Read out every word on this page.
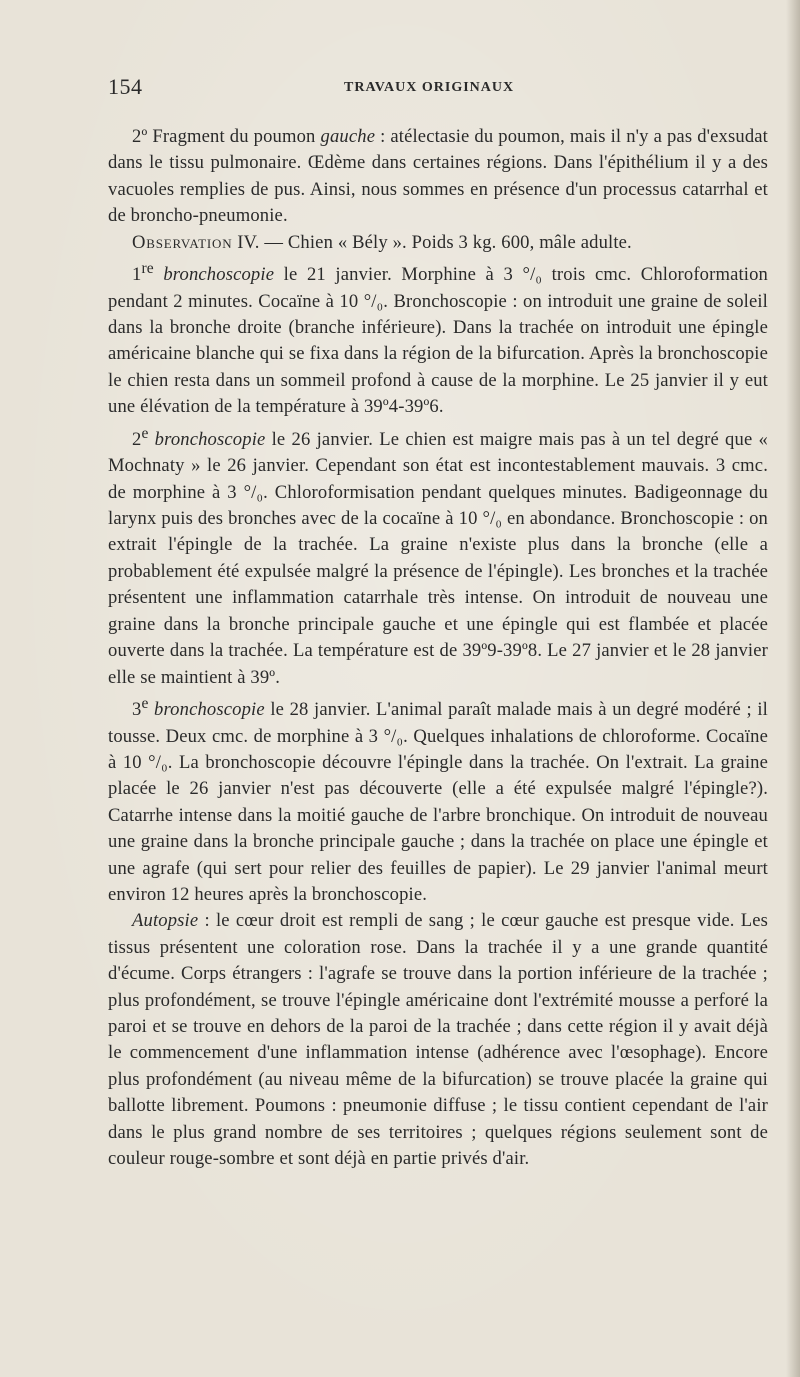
154	TRAVAUX ORIGINAUX

2º Fragment du poumon gauche : atélectasie du poumon, mais il n'y a pas d'exsudat dans le tissu pulmonaire. Œdème dans certaines régions. Dans l'épithélium il y a des vacuoles remplies de pus. Ainsi, nous sommes en présence d'un processus catarrhal et de broncho-pneumonie.

Observation IV. — Chien « Bély ». Poids 3 kg. 600, mâle adulte.

1re bronchoscopie le 21 janvier. Morphine à 3 °/₀ trois cmc. Chloroformation pendant 2 minutes. Cocaïne à 10 °/₀. Bronchoscopie : on introduit une graine de soleil dans la bronche droite (branche inférieure). Dans la trachée on introduit une épingle américaine blanche qui se fixa dans la région de la bifurcation. Après la bronchoscopie le chien resta dans un sommeil profond à cause de la morphine. Le 25 janvier il y eut une élévation de la température à 39º4-39º6.

2e bronchoscopie le 26 janvier. Le chien est maigre mais pas à un tel degré que « Mochnaty » le 26 janvier. Cependant son état est incontestablement mauvais. 3 cmc. de morphine à 3 °/₀. Chloroformisation pendant quelques minutes. Badigeonnage du larynx puis des bronches avec de la cocaïne à 10 °/₀ en abondance. Bronchoscopie : on extrait l'épingle de la trachée. La graine n'existe plus dans la bronche (elle a probablement été expulsée malgré la présence de l'épingle). Les bronches et la trachée présentent une inflammation catarrhale très intense. On introduit de nouveau une graine dans la bronche principale gauche et une épingle qui est flambée et placée ouverte dans la trachée. La température est de 39º9-39º8. Le 27 janvier et le 28 janvier elle se maintient à 39º.

3e bronchoscopie le 28 janvier. L'animal paraît malade mais à un degré modéré ; il tousse. Deux cmc. de morphine à 3 °/₀. Quelques inhalations de chloroforme. Cocaïne à 10 °/₀. La bronchoscopie découvre l'épingle dans la trachée. On l'extrait. La graine placée le 26 janvier n'est pas découverte (elle a été expulsée malgré l'épingle?). Catarrhe intense dans la moitié gauche de l'arbre bronchique. On introduit de nouveau une graine dans la bronche principale gauche ; dans la trachée on place une épingle et une agrafe (qui sert pour relier des feuilles de papier). Le 29 janvier l'animal meurt environ 12 heures après la bronchoscopie.

Autopsie : le cœur droit est rempli de sang ; le cœur gauche est presque vide. Les tissus présentent une coloration rose. Dans la trachée il y a une grande quantité d'écume. Corps étrangers : l'agrafe se trouve dans la portion inférieure de la trachée ; plus profondément, se trouve l'épingle américaine dont l'extrémité mousse a perforé la paroi et se trouve en dehors de la paroi de la trachée ; dans cette région il y avait déjà le commencement d'une inflammation intense (adhérence avec l'œsophage). Encore plus profondément (au niveau même de la bifurcation) se trouve placée la graine qui ballotte librement. Poumons : pneumonie diffuse ; le tissu contient cependant de l'air dans le plus grand nombre de ses territoires ; quelques régions seulement sont de couleur rouge-sombre et sont déjà en partie privés d'air.
